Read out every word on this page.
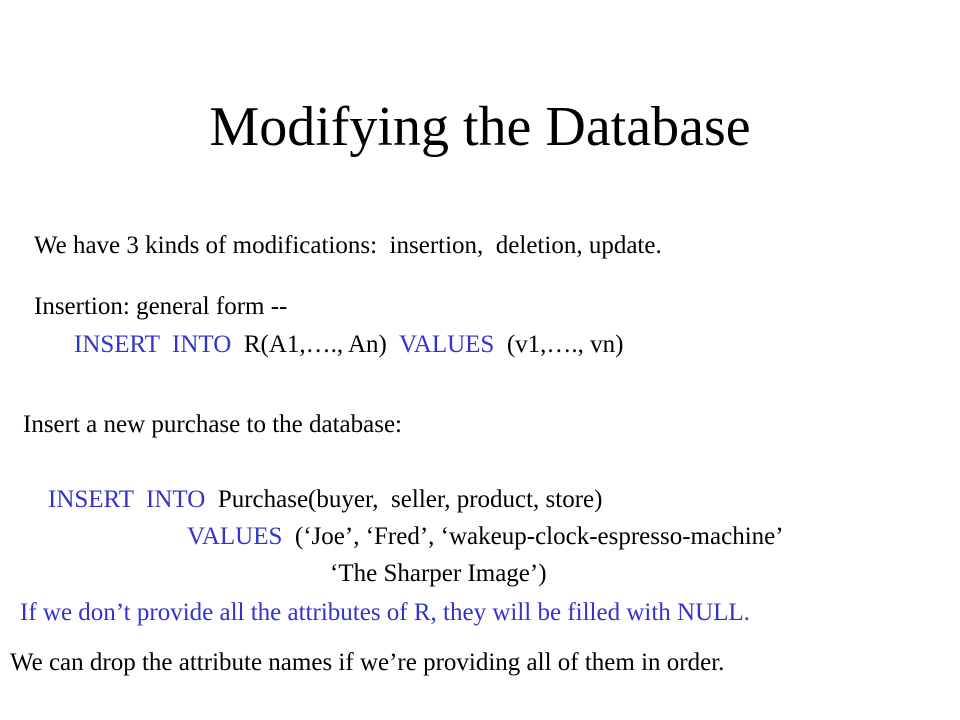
Modifying the Database
We have 3 kinds of modifications:  insertion,  deletion, update.
Insertion: general form --
INSERT INTO R(A1,…., An) VALUES (v1,…., vn)
Insert a new purchase to the database:
INSERT INTO Purchase(buyer,  seller, product, store)
VALUES (‘Joe’, ‘Fred’, ‘wakeup-clock-espresso-machine’
‘The Sharper Image’)
If we don’t provide all the attributes of R, they will be filled with NULL.
We can drop the attribute names if we’re providing all of them in order.
